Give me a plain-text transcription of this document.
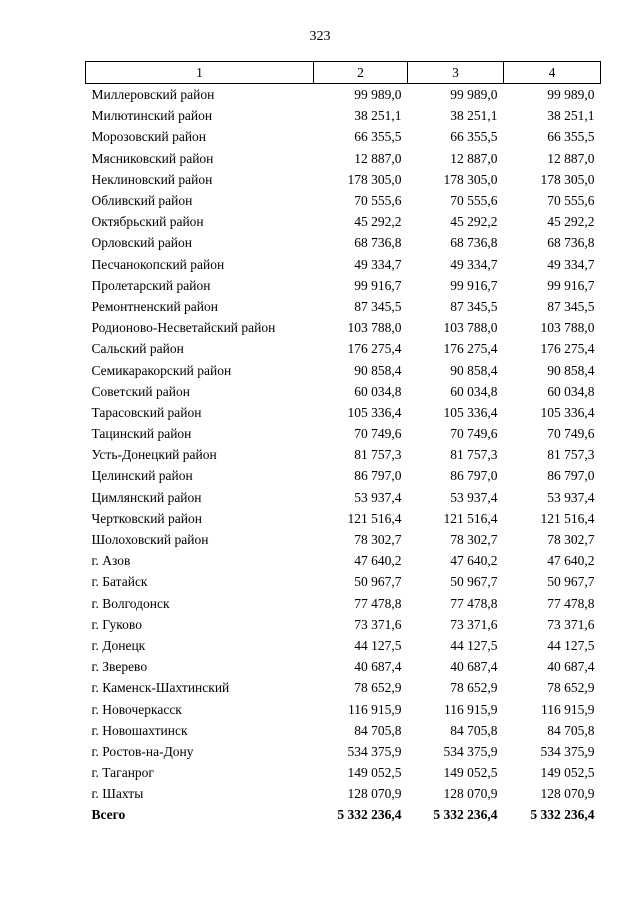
323
1	2	3	4
Миллеровский район	99 989,0	99 989,0	99 989,0
Милютинский район	38 251,1	38 251,1	38 251,1
Морозовский район	66 355,5	66 355,5	66 355,5
Мясниковский район	12 887,0	12 887,0	12 887,0
Неклиновский район	178 305,0	178 305,0	178 305,0
Обливский район	70 555,6	70 555,6	70 555,6
Октябрьский район	45 292,2	45 292,2	45 292,2
Орловский район	68 736,8	68 736,8	68 736,8
Песчанокопский район	49 334,7	49 334,7	49 334,7
Пролетарский район	99 916,7	99 916,7	99 916,7
Ремонтненский район	87 345,5	87 345,5	87 345,5
Родионово-Несветайский район	103 788,0	103 788,0	103 788,0
Сальский район	176 275,4	176 275,4	176 275,4
Семикаракорский район	90 858,4	90 858,4	90 858,4
Советский район	60 034,8	60 034,8	60 034,8
Тарасовский район	105 336,4	105 336,4	105 336,4
Тацинский район	70 749,6	70 749,6	70 749,6
Усть-Донецкий район	81 757,3	81 757,3	81 757,3
Целинский район	86 797,0	86 797,0	86 797,0
Цимлянский район	53 937,4	53 937,4	53 937,4
Чертковский район	121 516,4	121 516,4	121 516,4
Шолоховский район	78 302,7	78 302,7	78 302,7
г. Азов	47 640,2	47 640,2	47 640,2
г. Батайск	50 967,7	50 967,7	50 967,7
г. Волгодонск	77 478,8	77 478,8	77 478,8
г. Гуково	73 371,6	73 371,6	73 371,6
г. Донецк	44 127,5	44 127,5	44 127,5
г. Зверево	40 687,4	40 687,4	40 687,4
г. Каменск-Шахтинский	78 652,9	78 652,9	78 652,9
г. Новочеркасск	116 915,9	116 915,9	116 915,9
г. Новошахтинск	84 705,8	84 705,8	84 705,8
г. Ростов-на-Дону	534 375,9	534 375,9	534 375,9
г. Таганрог	149 052,5	149 052,5	149 052,5
г. Шахты	128 070,9	128 070,9	128 070,9
Всего	5 332 236,4	5 332 236,4	5 332 236,4
